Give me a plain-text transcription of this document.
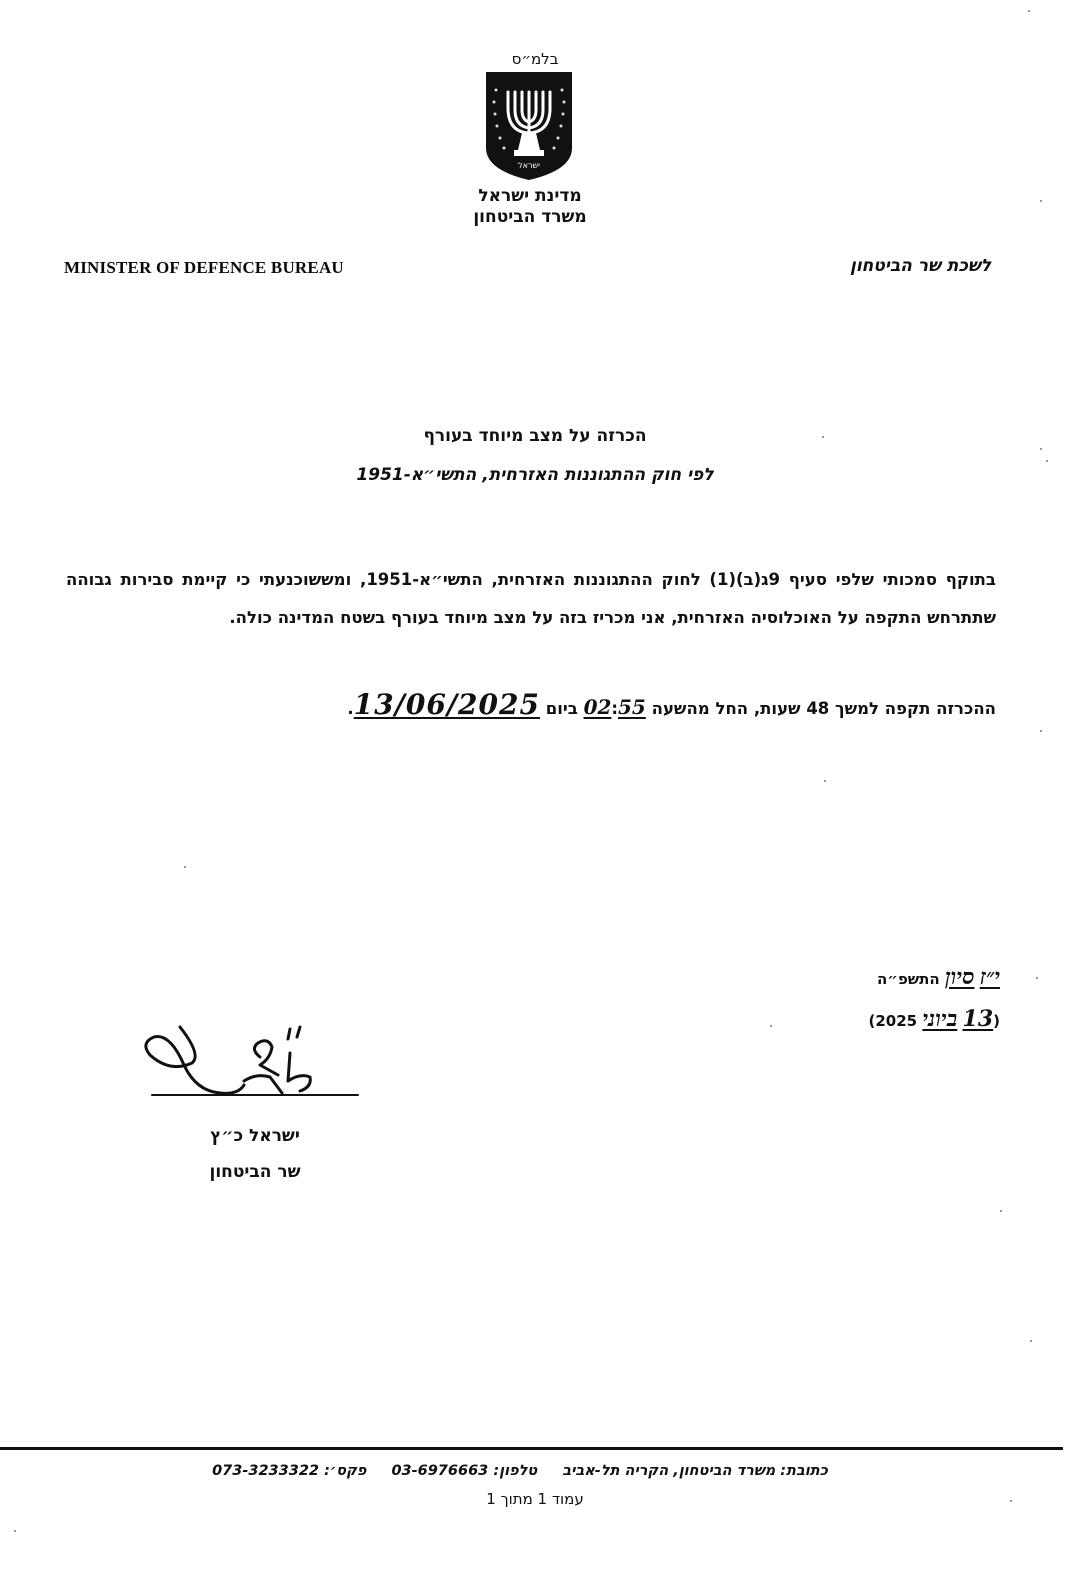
בלמ״ס
ישראל
מדינת ישראל
משרד הביטחון
MINISTER OF DEFENCE BUREAU	לשכת שר הביטחון
הכרזה על מצב מיוחד בעורף
לפי חוק ההתגוננות האזרחית, התשי״א-1951
בתוקף סמכותי שלפי סעיף 9ג(ב)(1) לחוק ההתגוננות האזרחית, התשי״א-1951, ומששוכנעתי כי קיימת סבירות גבוהה שתתרחש התקפה על האוכלוסיה האזרחית, אני מכריז בזה על מצב מיוחד בעורף בשטח המדינה כולה.
ההכרזה תקפה למשך 48 שעות, החל מהשעה 02:55 ביום 13/06/2025.
י״ז סיון התשפ״ה
(13 ביוני 2025)
ישראל כ״ץ
שר הביטחון
כתובת: משרד הביטחון, הקריה תל-אביב טלפון: 03-6976663 פקס׳: 073-3233322
עמוד 1 מתוך 1
